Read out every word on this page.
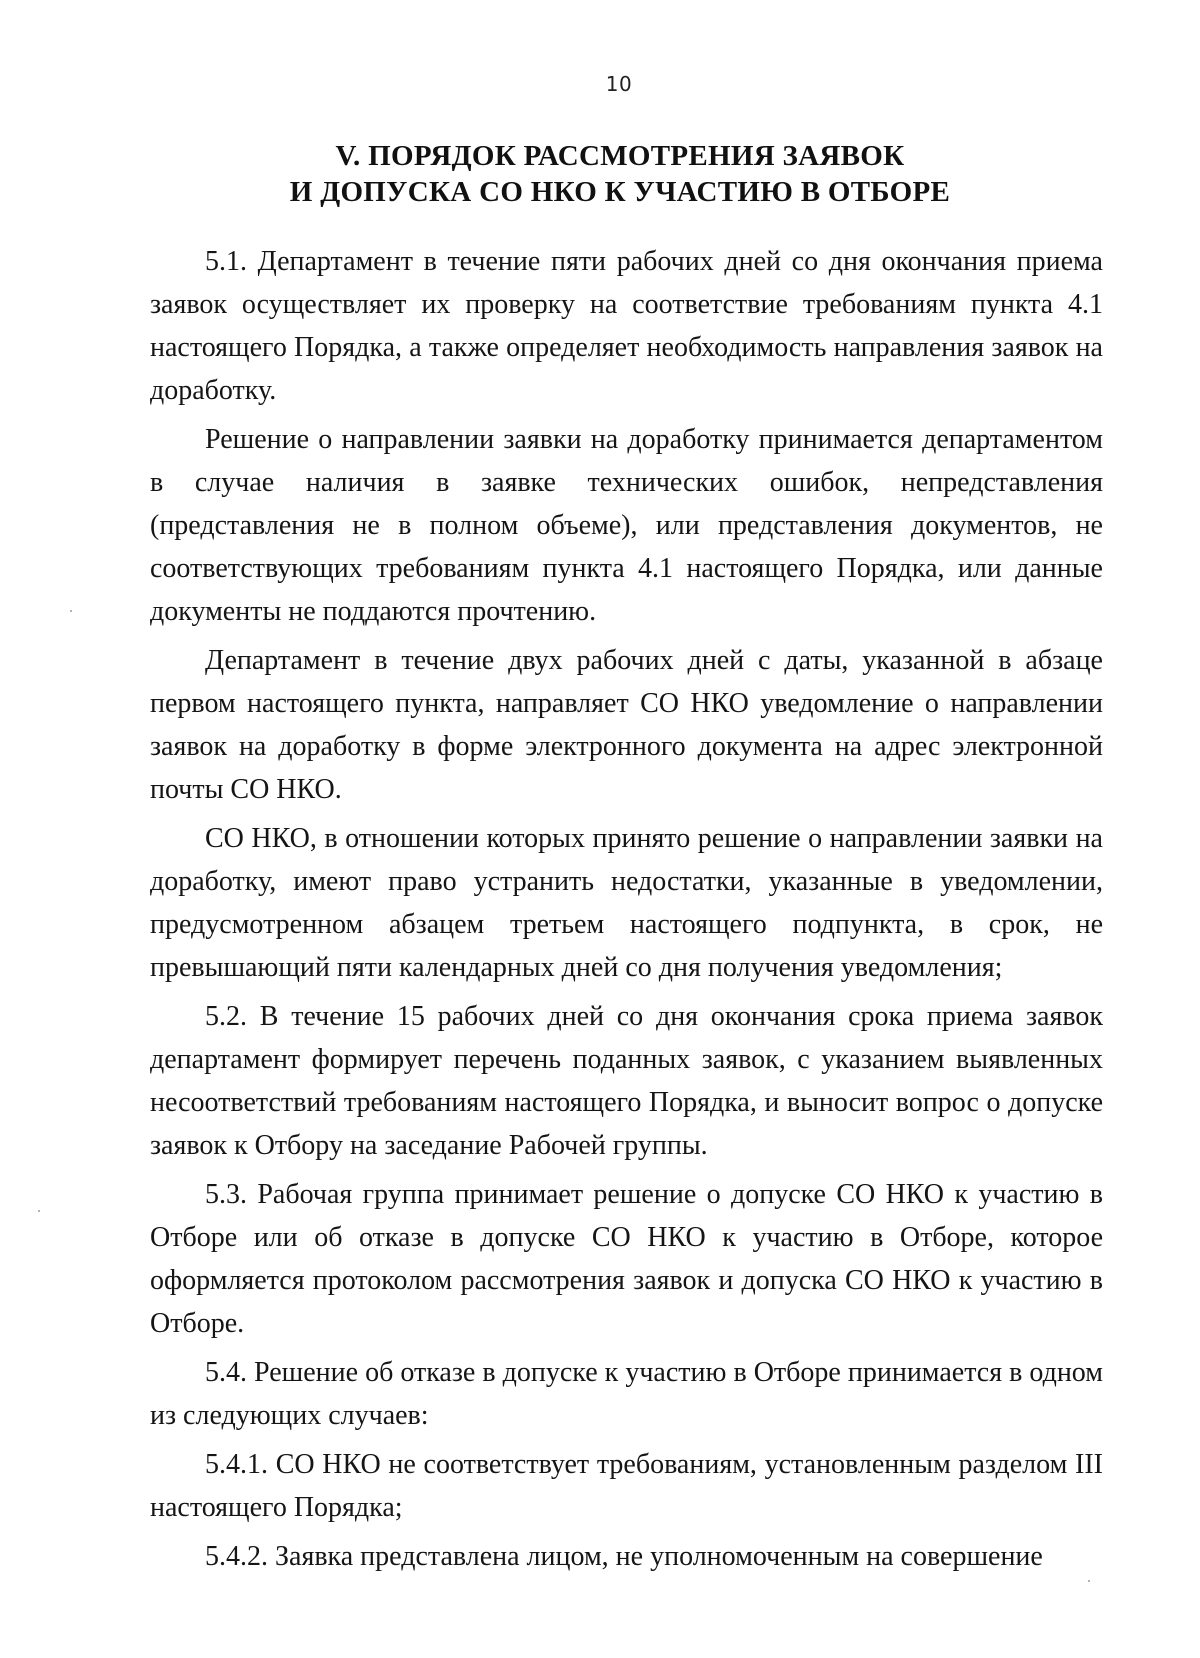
10
V. ПОРЯДОК РАССМОТРЕНИЯ ЗАЯВОК
И ДОПУСКА СО НКО К УЧАСТИЮ В ОТБОРЕ

5.1. Департамент в течение пяти рабочих дней со дня окончания приема заявок осуществляет их проверку на соответствие требованиям пункта 4.1 настоящего Порядка, а также определяет необходимость направления заявок на доработку.

Решение о направлении заявки на доработку принимается департаментом в случае наличия в заявке технических ошибок, непредставления (представления не в полном объеме), или представления документов, не соответствующих требованиям пункта 4.1 настоящего Порядка, или данные документы не поддаются прочтению.

Департамент в течение двух рабочих дней с даты, указанной в абзаце первом настоящего пункта, направляет СО НКО уведомление о направлении заявок на доработку в форме электронного документа на адрес электронной почты СО НКО.

СО НКО, в отношении которых принято решение о направлении заявки на доработку, имеют право устранить недостатки, указанные в уведомлении, предусмотренном абзацем третьем настоящего подпункта, в срок, не превышающий пяти календарных дней со дня получения уведомления;

5.2. В течение 15 рабочих дней со дня окончания срока приема заявок департамент формирует перечень поданных заявок, с указанием выявленных несоответствий требованиям настоящего Порядка, и выносит вопрос о допуске заявок к Отбору на заседание Рабочей группы.

5.3. Рабочая группа принимает решение о допуске СО НКО к участию в Отборе или об отказе в допуске СО НКО к участию в Отборе, которое оформляется протоколом рассмотрения заявок и допуска СО НКО к участию в Отборе.

5.4. Решение об отказе в допуске к участию в Отборе принимается в одном из следующих случаев:

5.4.1. СО НКО не соответствует требованиям, установленным разделом III настоящего Порядка;

5.4.2. Заявка представлена лицом, не уполномоченным на совершение
